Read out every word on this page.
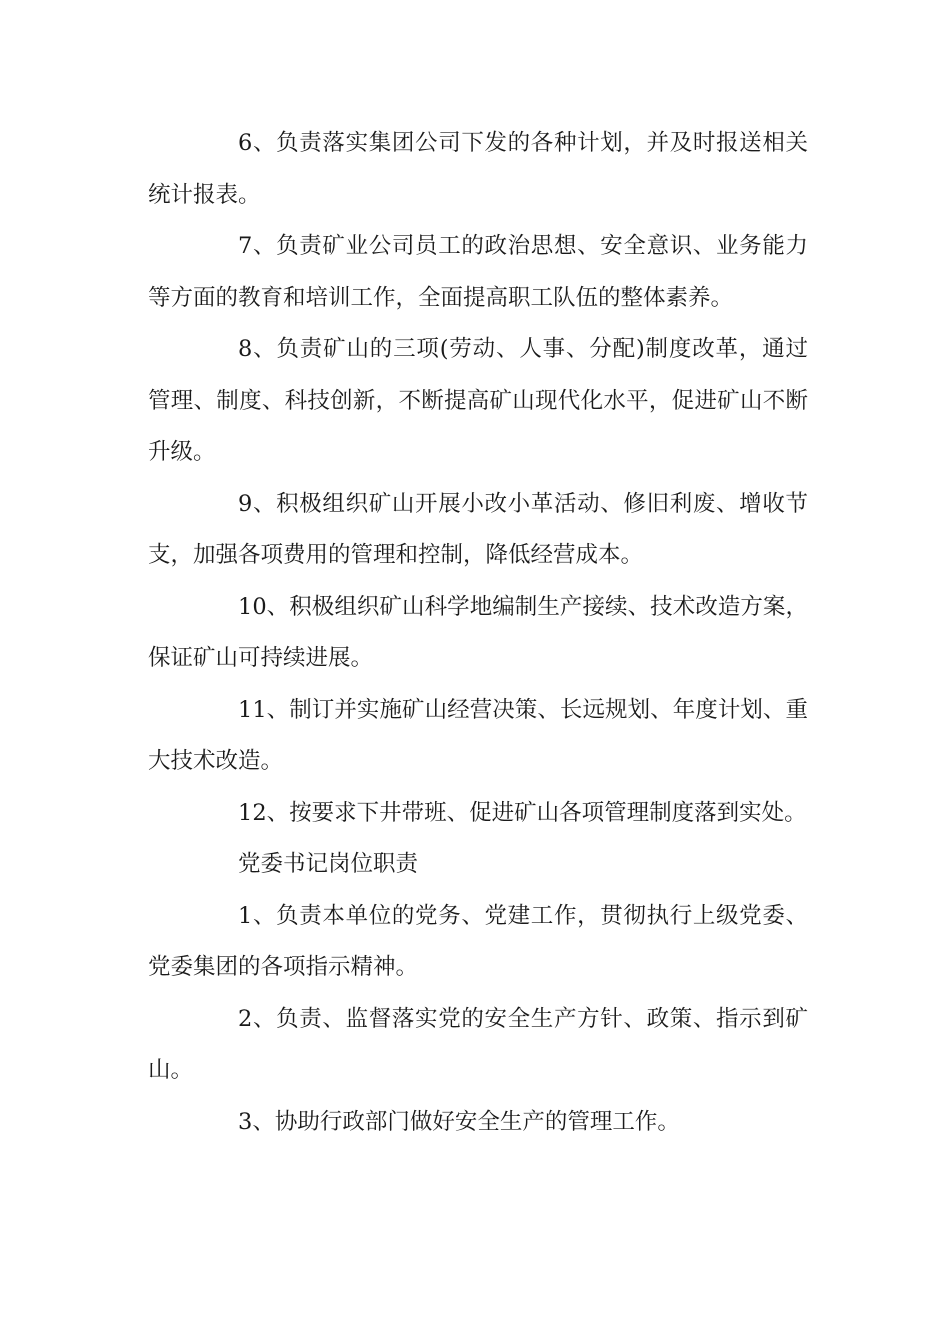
6、负责落实集团公司下发的各种计划，并及时报送相关统计报表。

7、负责矿业公司员工的政治思想、安全意识、业务能力等方面的教育和培训工作，全面提高职工队伍的整体素养。

8、负责矿山的三项(劳动、人事、分配)制度改革，通过管理、制度、科技创新，不断提高矿山现代化水平，促进矿山不断升级。

9、积极组织矿山开展小改小革活动、修旧利废、增收节支，加强各项费用的管理和控制，降低经营成本。

10、积极组织矿山科学地编制生产接续、技术改造方案，保证矿山可持续进展。

11、制订并实施矿山经营决策、长远规划、年度计划、重大技术改造。

12、按要求下井带班、促进矿山各项管理制度落到实处。

党委书记岗位职责

1、负责本单位的党务、党建工作，贯彻执行上级党委、党委集团的各项指示精神。

2、负责、监督落实党的安全生产方针、政策、指示到矿山。

3、协助行政部门做好安全生产的管理工作。
